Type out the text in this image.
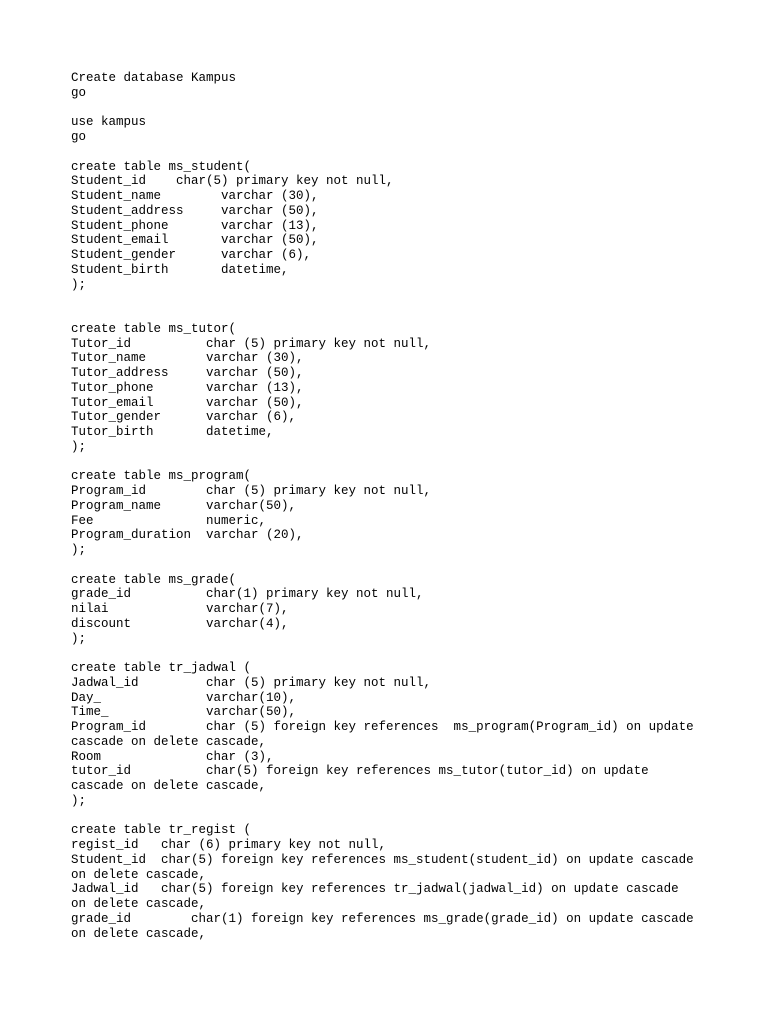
Create database Kampus
go

use kampus
go

create table ms_student(
Student_id    char(5) primary key not null,
Student_name        varchar (30),
Student_address     varchar (50),
Student_phone       varchar (13),
Student_email       varchar (50),
Student_gender      varchar (6),
Student_birth       datetime,
);

create table ms_tutor(
Tutor_id          char (5) primary key not null,
Tutor_name        varchar (30),
Tutor_address     varchar (50),
Tutor_phone       varchar (13),
Tutor_email       varchar (50),
Tutor_gender      varchar (6),
Tutor_birth       datetime,
);

create table ms_program(
Program_id        char (5) primary key not null,
Program_name      varchar(50),
Fee               numeric,
Program_duration  varchar (20),
);

create table ms_grade(
grade_id          char(1) primary key not null,
nilai             varchar(7),
discount          varchar(4),
);

create table tr_jadwal (
Jadwal_id         char (5) primary key not null,
Day_              varchar(10),
Time_             varchar(50),
Program_id        char (5) foreign key references  ms_program(Program_id) on update
cascade on delete cascade,
Room              char (3),
tutor_id          char(5) foreign key references ms_tutor(tutor_id) on update
cascade on delete cascade,
);

create table tr_regist (
regist_id   char (6) primary key not null,
Student_id  char(5) foreign key references ms_student(student_id) on update cascade
on delete cascade,
Jadwal_id   char(5) foreign key references tr_jadwal(jadwal_id) on update cascade
on delete cascade,
grade_id        char(1) foreign key references ms_grade(grade_id) on update cascade
on delete cascade,
